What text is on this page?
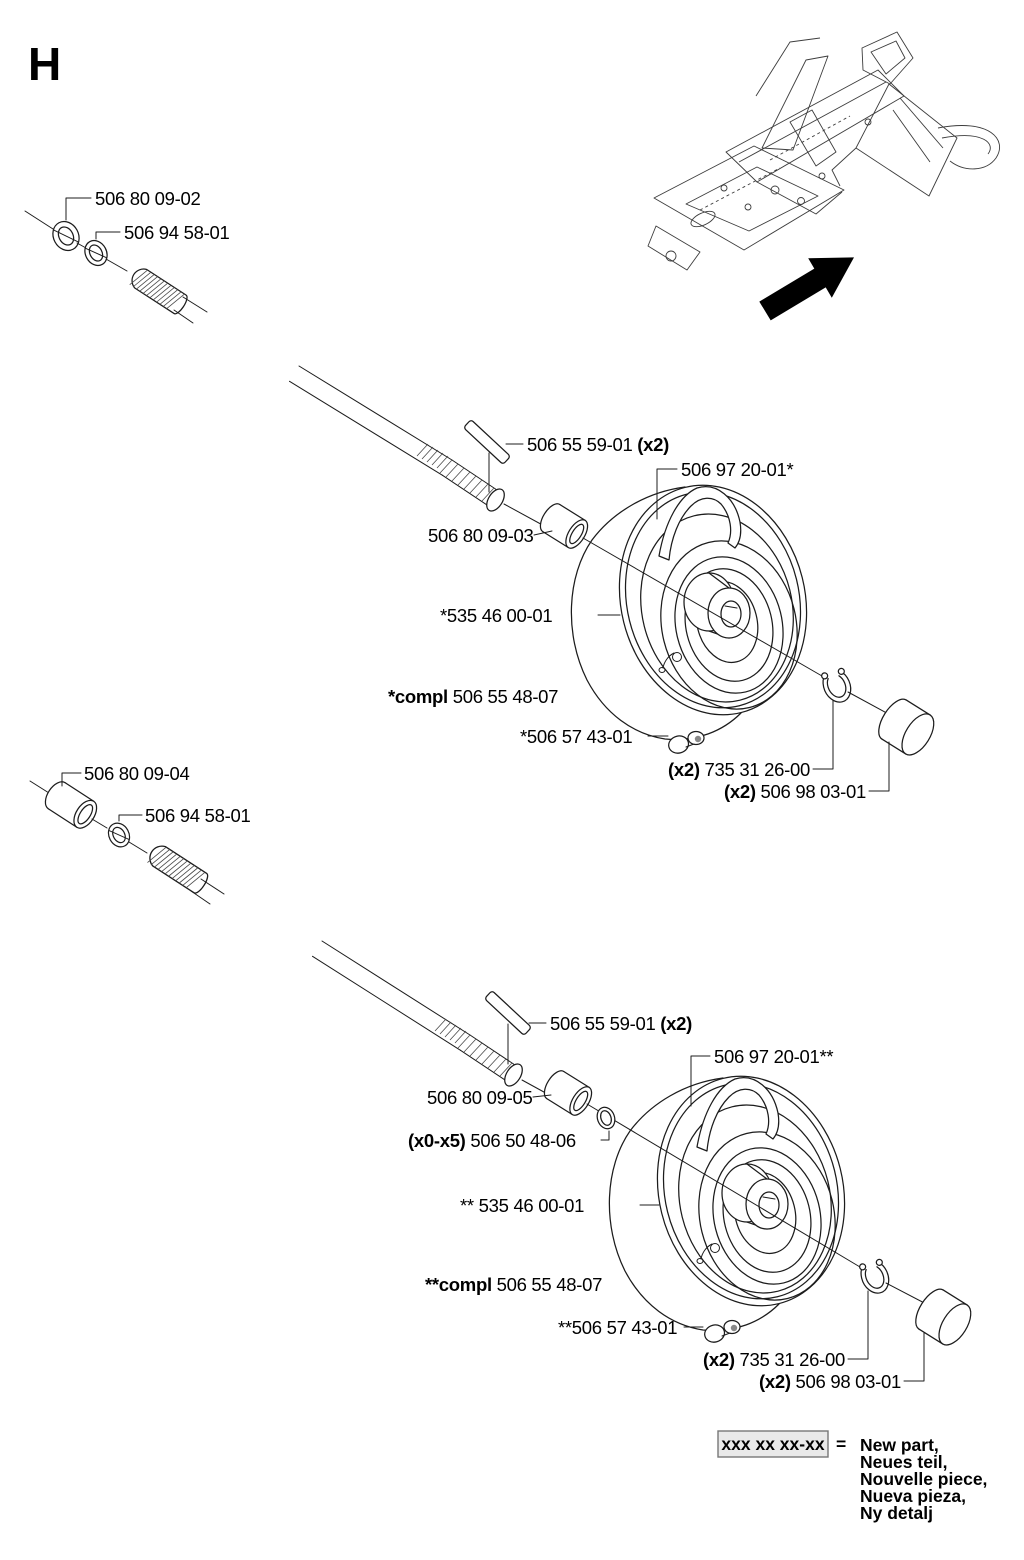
H
506 80 09-02
506 94 58-01
506 80 09-04
506 94 58-01
506 55 59-01 (x2)
506 80 09-03
506 97 20-01*
*535 46 00-01
*compl 506 55 48-07
*506 57 43-01
(x2) 735 31 26-00
(x2) 506 98 03-01
506 55 59-01 (x2)
506 80 09-05
(x0-x5) 506 50 48-06
506 97 20-01**
** 535 46 00-01
**compl 506 55 48-07
**506 57 43-01
(x2) 735 31 26-00
(x2) 506 98 03-01
xxx xx xx-xx = New part,
Neues teil,
Nouvelle piece,
Nueva pieza,
Ny detalj
